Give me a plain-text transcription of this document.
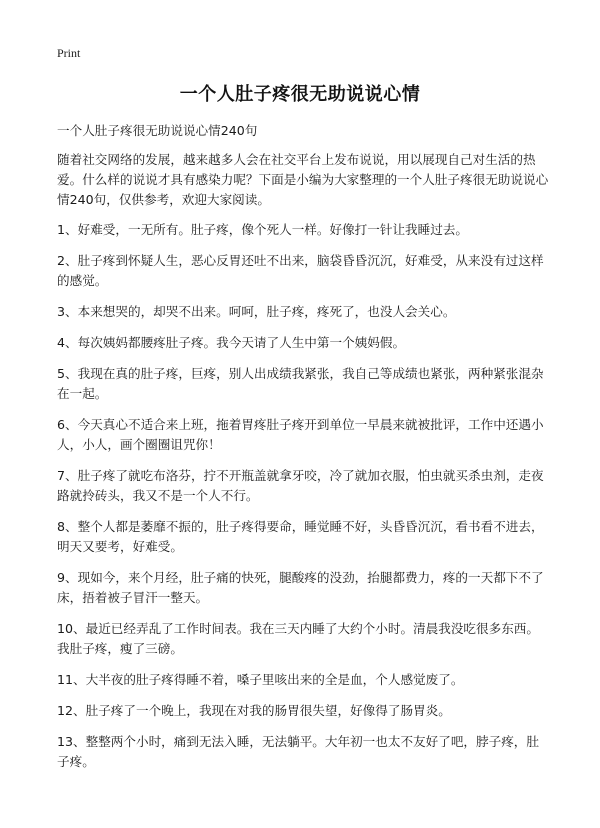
Print
一个人肚子疼很无助说说心情

一个人肚子疼很无助说说心情240句

随着社交网络的发展，越来越多人会在社交平台上发布说说，用以展现自己对生活的热爱。什么样的说说才具有感染力呢？下面是小编为大家整理的一个人肚子疼很无助说说心情240句，仅供参考，欢迎大家阅读。

1、好难受，一无所有。肚子疼，像个死人一样。好像打一针让我睡过去。

2、肚子疼到怀疑人生，恶心反胃还吐不出来，脑袋昏昏沉沉，好难受，从来没有过这样的感觉。

3、本来想哭的，却哭不出来。呵呵，肚子疼，疼死了，也没人会关心。

4、每次姨妈都腰疼肚子疼。我今天请了人生中第一个姨妈假。

5、我现在真的肚子疼，巨疼，别人出成绩我紧张，我自己等成绩也紧张，两种紧张混杂在一起。

6、今天真心不适合来上班，拖着胃疼肚子疼开到单位一早晨来就被批评，工作中还遇小人，小人，画个圈圈诅咒你！

7、肚子疼了就吃布洛芬，拧不开瓶盖就拿牙咬，冷了就加衣服，怕虫就买杀虫剂，走夜路就拎砖头，我又不是一个人不行。

8、整个人都是萎靡不振的，肚子疼得要命，睡觉睡不好，头昏昏沉沉，看书看不进去，明天又要考，好难受。

9、现如今，来个月经，肚子痛的快死，腿酸疼的没劲，抬腿都费力，疼的一天都下不了床，捂着被子冒汗一整天。

10、最近已经弄乱了工作时间表。我在三天内睡了大约个小时。清晨我没吃很多东西。我肚子疼，瘦了三磅。

11、大半夜的肚子疼得睡不着，嗓子里咳出来的全是血，个人感觉废了。

12、肚子疼了一个晚上，我现在对我的肠胃很失望，好像得了肠胃炎。

13、整整两个小时，痛到无法入睡，无法躺平。大年初一也太不友好了吧，脖子疼，肚子疼。
